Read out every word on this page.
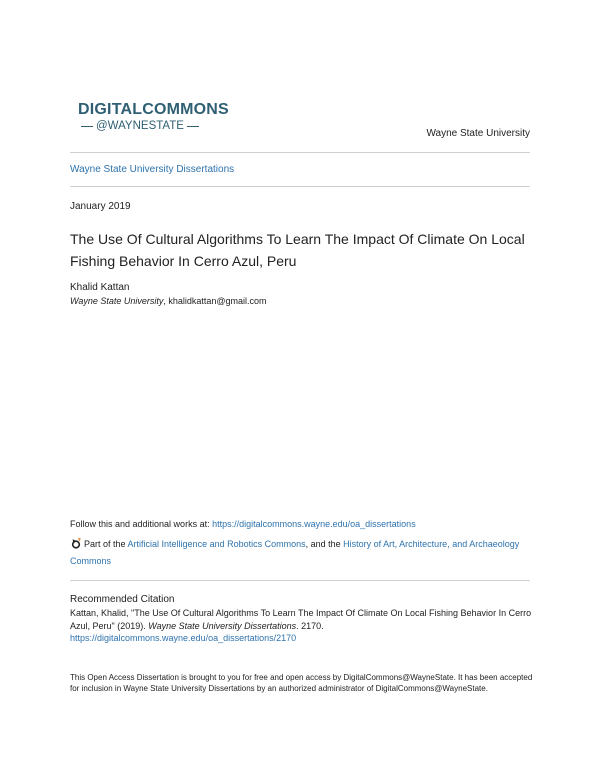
DIGITALCOMMONS
@WAYNESTATE
Wayne State University
Wayne State University Dissertations
January 2019
The Use Of Cultural Algorithms To Learn The Impact Of Climate On Local Fishing Behavior In Cerro Azul, Peru
Khalid Kattan
Wayne State University, khalidkattan@gmail.com
Follow this and additional works at: https://digitalcommons.wayne.edu/oa_dissertations
Part of the Artificial Intelligence and Robotics Commons, and the History of Art, Architecture, and Archaeology Commons
Recommended Citation
Kattan, Khalid, "The Use Of Cultural Algorithms To Learn The Impact Of Climate On Local Fishing Behavior In Cerro Azul, Peru" (2019). Wayne State University Dissertations. 2170.
https://digitalcommons.wayne.edu/oa_dissertations/2170
This Open Access Dissertation is brought to you for free and open access by DigitalCommons@WayneState. It has been accepted for inclusion in Wayne State University Dissertations by an authorized administrator of DigitalCommons@WayneState.
